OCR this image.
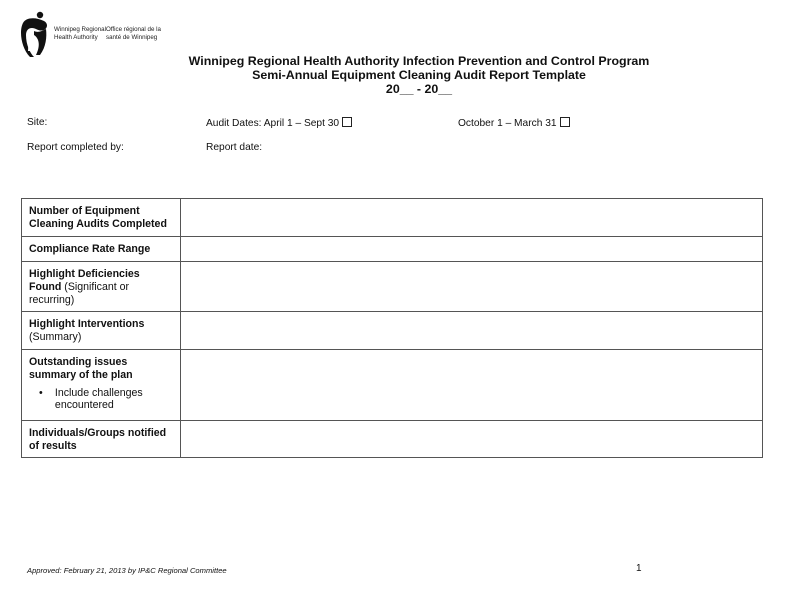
Winnipeg Regional
Health Authority
Office régional de la
santé de Winnipeg
Winnipeg Regional Health Authority Infection Prevention and Control Program
Semi-Annual Equipment Cleaning Audit Report Template
20__ - 20__
Site:	Audit Dates: April 1 – Sept 30	October 1 – March 31
Report completed by:	Report date:
Number of Equipment Cleaning Audits Completed	
Compliance Rate Range	
Highlight Deficiencies Found (Significant or recurring)	
Highlight Interventions (Summary)	
Outstanding issues summary of the plan
• Include challenges encountered	

Individuals/Groups notified of results	
Approved: February 21, 2013 by IP&C Regional Committee	1
